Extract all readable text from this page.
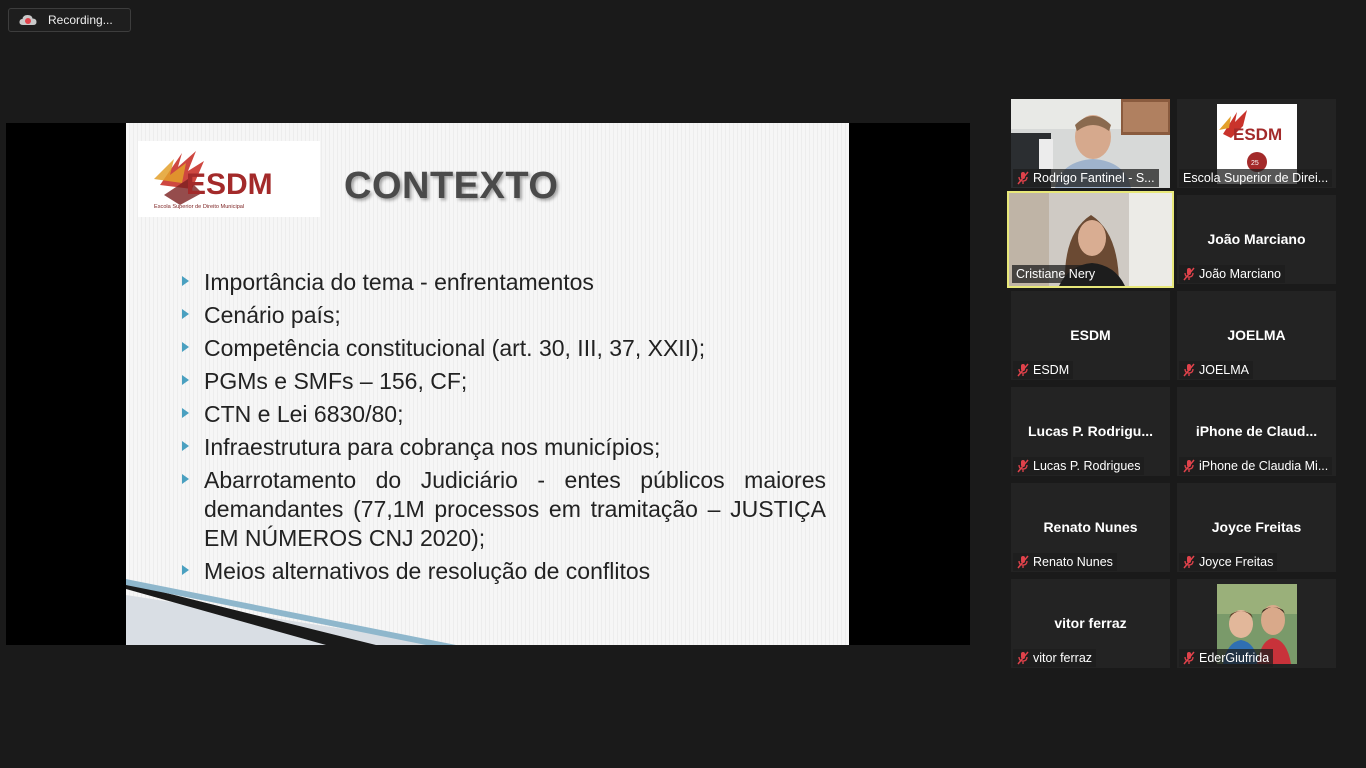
Recording...
ESDM
Escola Superior de Direito Municipal	CONTEXTO
Importância do tema - enfrentamentos
Cenário país;
Competência constitucional (art. 30, III, 37, XXII);
PGMs e SMFs – 156, CF;
CTN e Lei 6830/80;
Infraestrutura para cobrança nos municípios;
Abarrotamento do Judiciário - entes públicos maiores demandantes (77,1M processos em tramitação – JUSTIÇA EM NÚMEROS CNJ 2020);
Meios alternativos de resolução de conflitos
Rodrigo Fantinel - S...
ESDM
25
Escola Superior de Direi...
Cristiane Nery
João Marciano
João Marciano
ESDM
ESDM
JOELMA
JOELMA
Lucas P. Rodrigu...
Lucas P. Rodrigues
iPhone de Claud...
iPhone de Claudia Mi...
Renato Nunes
Renato Nunes
Joyce Freitas
Joyce Freitas
vitor ferraz
vitor ferraz	EderGiufrida
